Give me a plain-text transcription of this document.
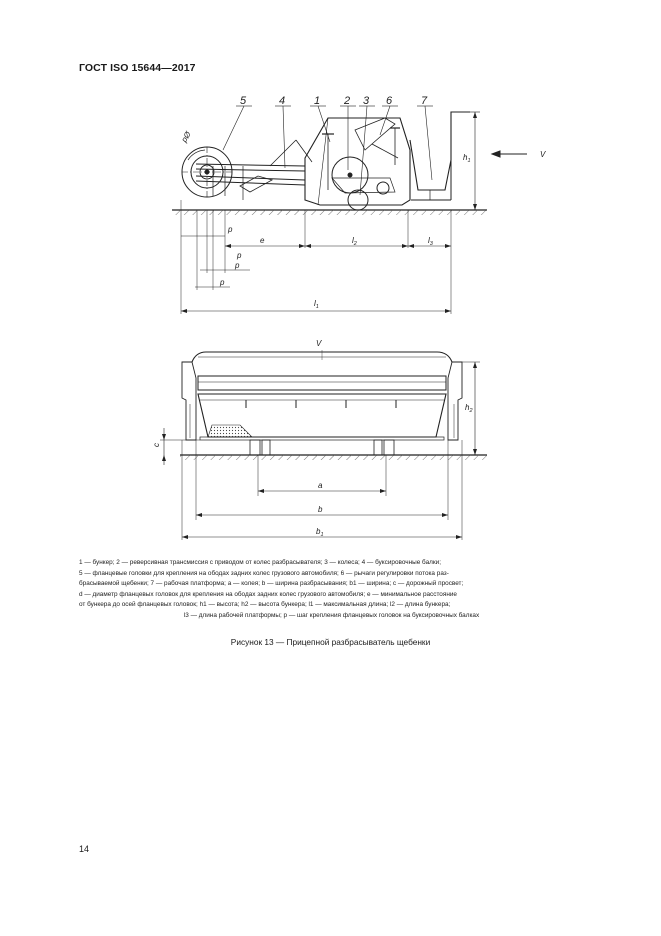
ГОСТ ISO 15644—2017
5	4	1 2 3 6	7
pØ
V
$h_1$
p
e	$l_2$	$l_3$
p
p
p
$l_1$
V
$h_2$
c
a
b
$b_1$
1 — бункер; 2 — реверсивная трансмиссия с приводом от колес разбрасывателя; 3 — колеса; 4 — буксировочные балки;
5 — фланцевые головки для крепления на ободах задних колес грузового автомобиля; 6 — рычаги регулировки потока раз-
брасываемой щебенки; 7 — рабочая платформа; a — колея; b — ширина разбрасывания; b1 — ширина; c — дорожный просвет;
d — диаметр фланцевых головок для крепления на ободах задних колес грузового автомобиля; e — минимальное расстояние
от бункера до осей фланцевых головок; h1 — высота; h2 — высота бункера; l1 — максимальная длина; l2 — длина бункера;
l3 — длина рабочей платформы; p — шаг крепления фланцевых головок на буксировочных балках
Рисунок 13 — Прицепной разбрасыватель щебенки
14
